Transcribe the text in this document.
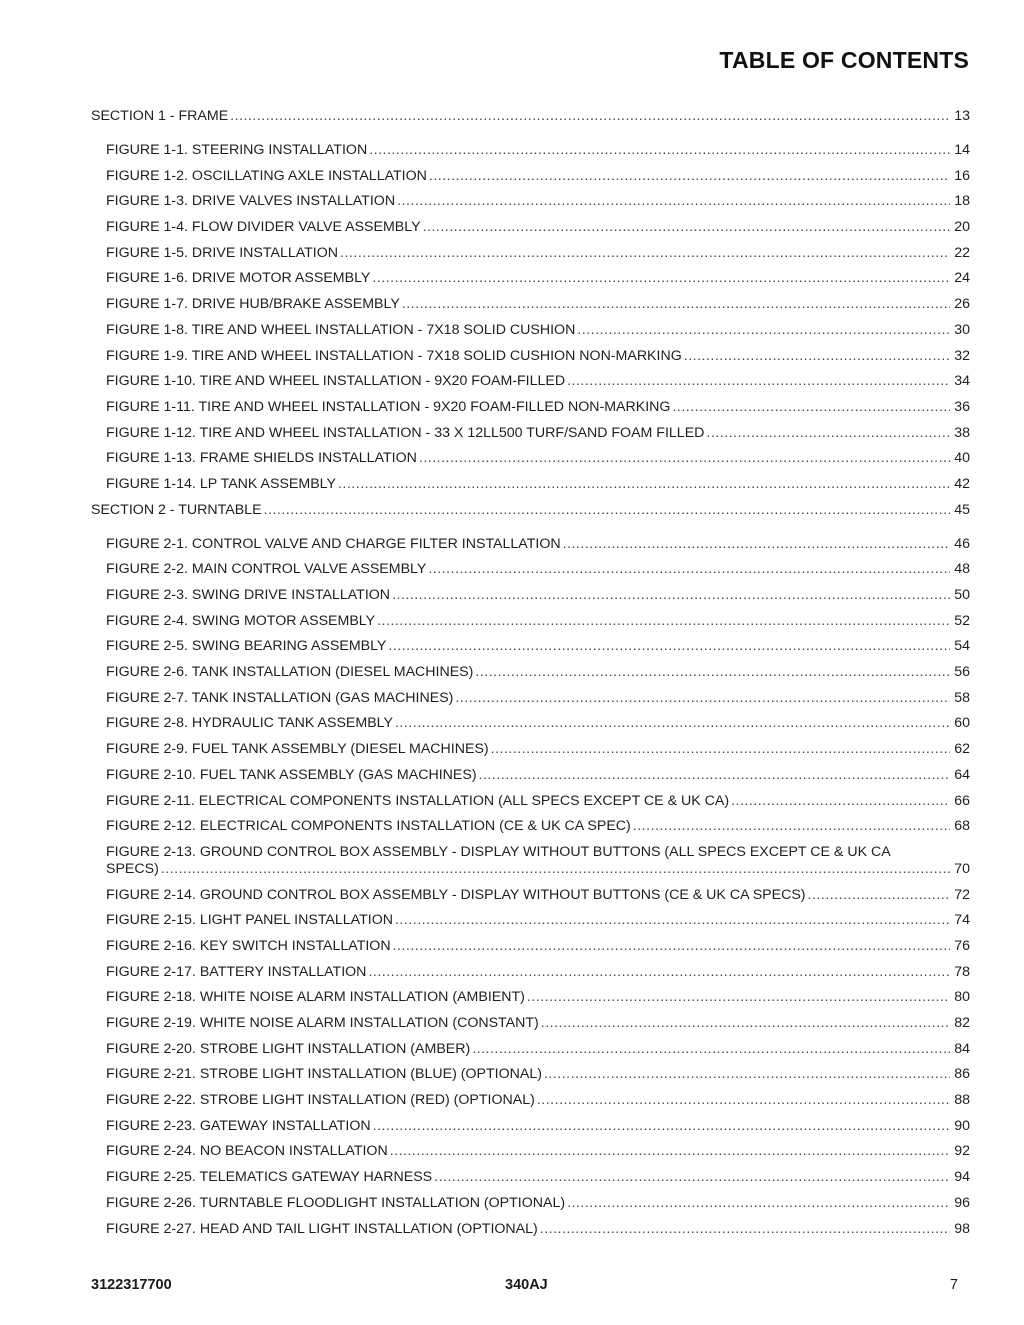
TABLE OF CONTENTS
SECTION 1 - FRAME .....	13
FIGURE 1-1. STEERING INSTALLATION .....	14
FIGURE 1-2. OSCILLATING AXLE INSTALLATION .....	16
FIGURE 1-3. DRIVE VALVES INSTALLATION .....	18
FIGURE 1-4. FLOW DIVIDER VALVE ASSEMBLY .....	20
FIGURE 1-5. DRIVE INSTALLATION .....	22
FIGURE 1-6. DRIVE MOTOR ASSEMBLY .....	24
FIGURE 1-7. DRIVE HUB/BRAKE ASSEMBLY .....	26
FIGURE 1-8. TIRE AND WHEEL INSTALLATION - 7X18 SOLID CUSHION .....	30
FIGURE 1-9. TIRE AND WHEEL INSTALLATION - 7X18 SOLID CUSHION NON-MARKING .....	32
FIGURE 1-10. TIRE AND WHEEL INSTALLATION - 9X20 FOAM-FILLED .....	34
FIGURE 1-11. TIRE AND WHEEL INSTALLATION - 9X20 FOAM-FILLED NON-MARKING .....	36
FIGURE 1-12. TIRE AND WHEEL INSTALLATION - 33 X 12LL500 TURF/SAND FOAM FILLED .....	38
FIGURE 1-13. FRAME SHIELDS INSTALLATION .....	40
FIGURE 1-14. LP TANK ASSEMBLY .....	42
SECTION 2 - TURNTABLE .....	45
FIGURE 2-1. CONTROL VALVE AND CHARGE FILTER INSTALLATION .....	46
FIGURE 2-2. MAIN CONTROL VALVE ASSEMBLY .....	48
FIGURE 2-3. SWING DRIVE INSTALLATION .....	50
FIGURE 2-4. SWING MOTOR ASSEMBLY .....	52
FIGURE 2-5. SWING BEARING ASSEMBLY .....	54
FIGURE 2-6. TANK INSTALLATION (DIESEL MACHINES) .....	56
FIGURE 2-7. TANK INSTALLATION (GAS MACHINES) .....	58
FIGURE 2-8. HYDRAULIC TANK ASSEMBLY .....	60
FIGURE 2-9. FUEL TANK ASSEMBLY (DIESEL MACHINES) .....	62
FIGURE 2-10. FUEL TANK ASSEMBLY (GAS MACHINES) .....	64
FIGURE 2-11. ELECTRICAL COMPONENTS INSTALLATION (ALL SPECS EXCEPT CE & UK CA) .....	66
FIGURE 2-12. ELECTRICAL COMPONENTS INSTALLATION (CE & UK CA SPEC) .....	68
FIGURE 2-13. GROUND CONTROL BOX ASSEMBLY - DISPLAY WITHOUT BUTTONS (ALL SPECS EXCEPT CE & UK CA
SPECS) .....	70
FIGURE 2-14. GROUND CONTROL BOX ASSEMBLY - DISPLAY WITHOUT BUTTONS (CE & UK CA SPECS) .....	72
FIGURE 2-15. LIGHT PANEL INSTALLATION .....	74
FIGURE 2-16. KEY SWITCH INSTALLATION .....	76
FIGURE 2-17. BATTERY INSTALLATION .....	78
FIGURE 2-18. WHITE NOISE ALARM INSTALLATION (AMBIENT) .....	80
FIGURE 2-19. WHITE NOISE ALARM INSTALLATION (CONSTANT) .....	82
FIGURE 2-20. STROBE LIGHT INSTALLATION (AMBER) .....	84
FIGURE 2-21. STROBE LIGHT INSTALLATION (BLUE) (OPTIONAL) .....	86
FIGURE 2-22. STROBE LIGHT INSTALLATION (RED) (OPTIONAL) .....	88
FIGURE 2-23. GATEWAY INSTALLATION .....	90
FIGURE 2-24. NO BEACON INSTALLATION .....	92
FIGURE 2-25. TELEMATICS GATEWAY HARNESS .....	94
FIGURE 2-26. TURNTABLE FLOODLIGHT INSTALLATION (OPTIONAL) .....	96
FIGURE 2-27. HEAD AND TAIL LIGHT INSTALLATION (OPTIONAL) .....	98
3122317700	340AJ	7
